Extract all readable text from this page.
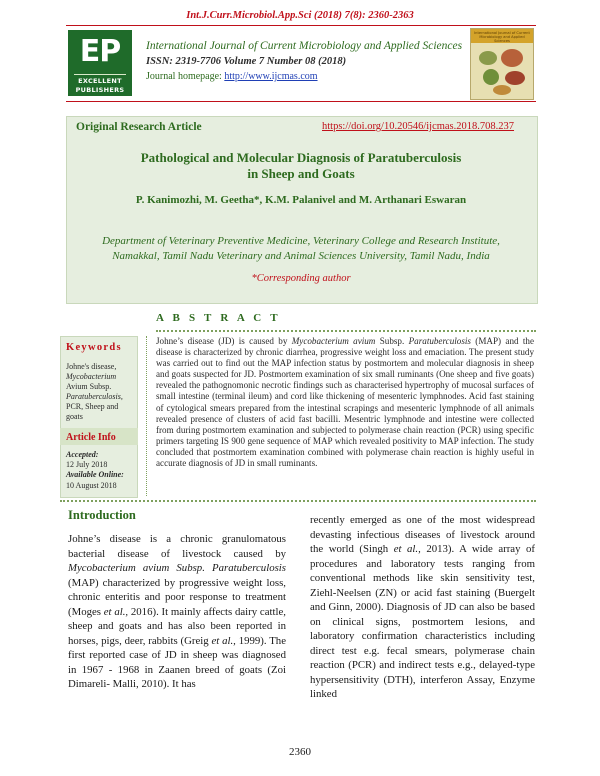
Int.J.Curr.Microbiol.App.Sci (2018) 7(8): 2360-2363
EP
EXCELLENT
PUBLISHERS
International Journal of Current Microbiology and Applied Sciences
ISSN: 2319-7706 Volume 7 Number 08 (2018)
Journal homepage: http://www.ijcmas.com
International Journal of Current Microbiology and Applied Sciences
Original Research Article	https://doi.org/10.20546/ijcmas.2018.708.237
Pathological and Molecular Diagnosis of Paratuberculosis
in Sheep and Goats
P. Kanimozhi, M. Geetha*, K.M. Palanivel and M. Arthanari Eswaran
Department of Veterinary Preventive Medicine, Veterinary College and Research Institute,
Namakkal, Tamil Nadu Veterinary and Animal Sciences University, Tamil Nadu, India
*Corresponding author
A B S T R A C T
Keywords
Johne's disease,
Mycobacterium
Avium Subsp.
Paratuberculosis,
PCR, Sheep and
goats
Article Info
Accepted:
12 July 2018
Available Online:
10 August 2018
Johne’s disease (JD) is caused by Mycobacterium avium Subsp. Paratuberculosis (MAP) and the disease is characterized by chronic diarrhea, progressive weight loss and emaciation. The present study was carried out to find out the MAP infection status by postmortem and molecular diagnosis in sheep and goats suspected for JD. Postmortem examination of six small ruminants (One sheep and five goats) revealed the pathognomonic necrotic findings such as characterised hypertrophy of mucosal surfaces of small intestine (terminal ileum) and cord like thickening of mesenteric lymphnodes. Acid fast staining of cytological smears prepared from the intestinal scrapings and mesenteric lymphnode of all animals revealed presence of clusters of acid fast bacilli. Mesentric lymphnode and intestine were collected from during postmortem examination and subjected to polymerase chain reaction (PCR) using specific primers targeting IS 900 gene sequence of MAP which revealed positivity to MAP infection. The study concluded that postmortem examination combined with polymerase chain reaction is highly useful in accurate diagnosis of JD in small ruminants.
Introduction
Johne’s disease is a chronic granulomatous bacterial disease of livestock caused by Mycobacterium avium Subsp. Paratuberculosis (MAP) characterized by progressive weight loss, chronic enteritis and poor response to treatment (Moges et al., 2016). It mainly affects dairy cattle, sheep and goats and has also been reported in horses, pigs, deer, rabbits (Greig et al., 1999). The first reported case of JD in sheep was diagnosed in 1967 - 1968 in Zaanen breed of goats (Zoi Dimareli- Malli, 2010). It has
recently emerged as one of the most widespread devasting infectious diseases of livestock around the world (Singh et al., 2013). A wide array of procedures and laboratory tests ranging from conventional methods like skin sensitivity test, Ziehl-Neelsen (ZN) or acid fast staining (Buergelt and Ginn, 2000). Diagnosis of JD can also be based on clinical signs, postmortem lesions, and laboratory confirmation characteristics including direct test e.g. fecal smears, polymerase chain reaction (PCR) and indirect tests e.g., delayed-type hypersensitivity (DTH), interferon Assay, Enzyme linked
2360
